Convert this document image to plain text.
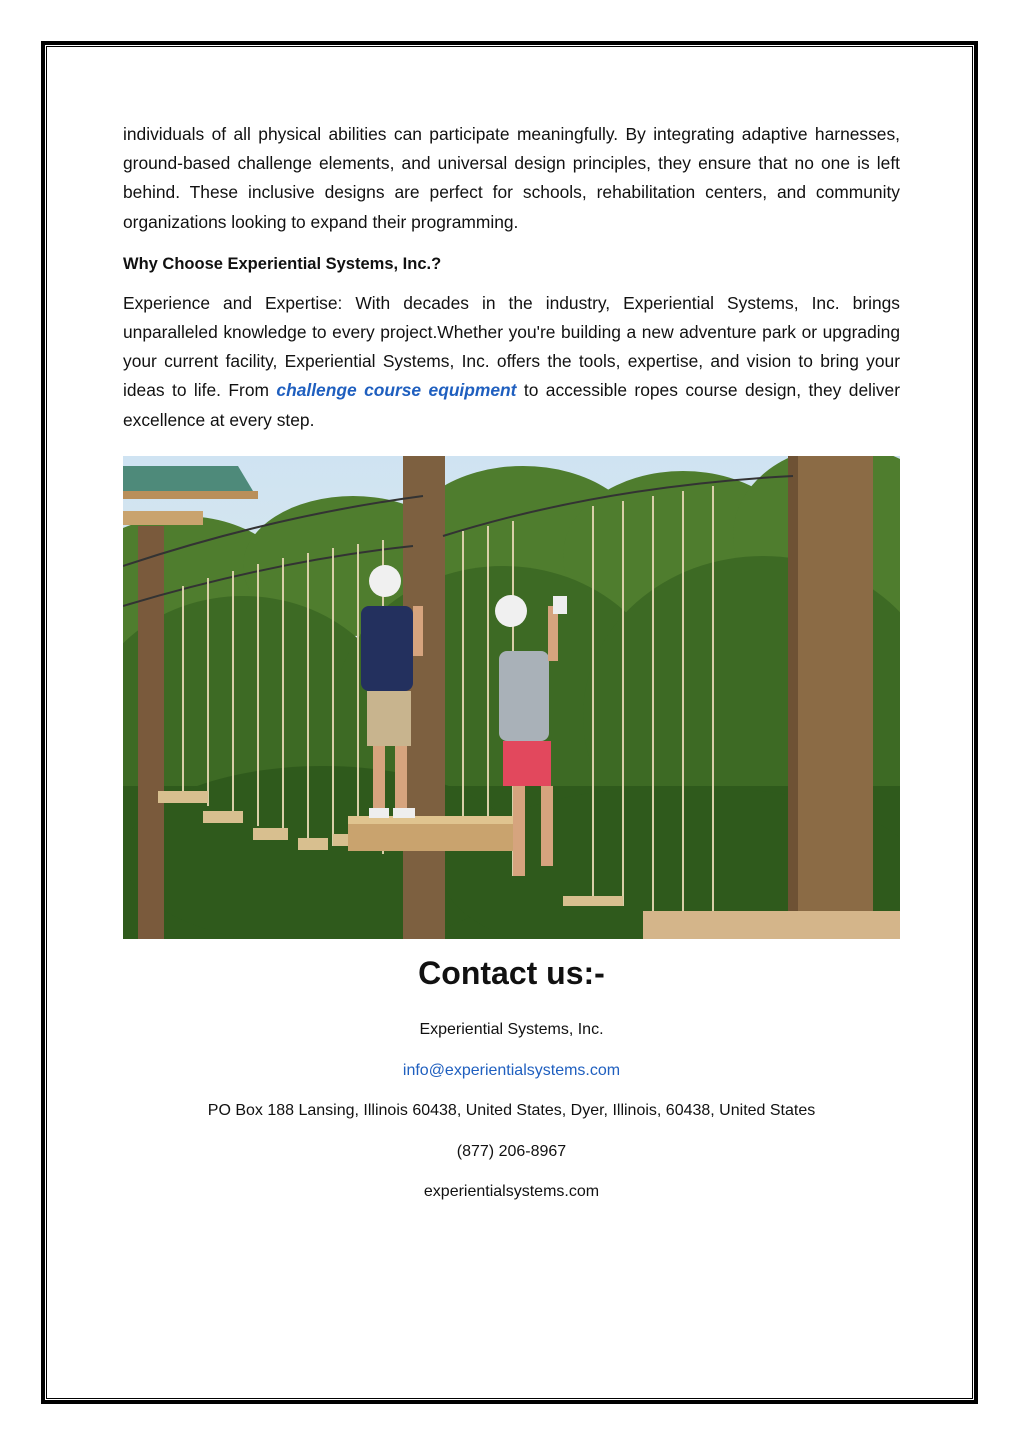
individuals of all physical abilities can participate meaningfully. By integrating adaptive harnesses, ground-based challenge elements, and universal design principles, they ensure that no one is left behind. These inclusive designs are perfect for schools, rehabilitation centers, and community organizations looking to expand their programming.

Why Choose Experiential Systems, Inc.?

Experience and Expertise: With decades in the industry, Experiential Systems, Inc. brings unparalleled knowledge to every project.Whether you're building a new adventure park or upgrading your current facility, Experiential Systems, Inc. offers the tools, expertise, and vision to bring your ideas to life. From challenge course equipment to accessible ropes course design, they deliver excellence at every step.

Contact us:-

Experiential Systems, Inc.

info@experientialsystems.com

PO Box 188 Lansing, Illinois 60438, United States, Dyer, Illinois, 60438, United States

(877) 206-8967

experientialsystems.com
